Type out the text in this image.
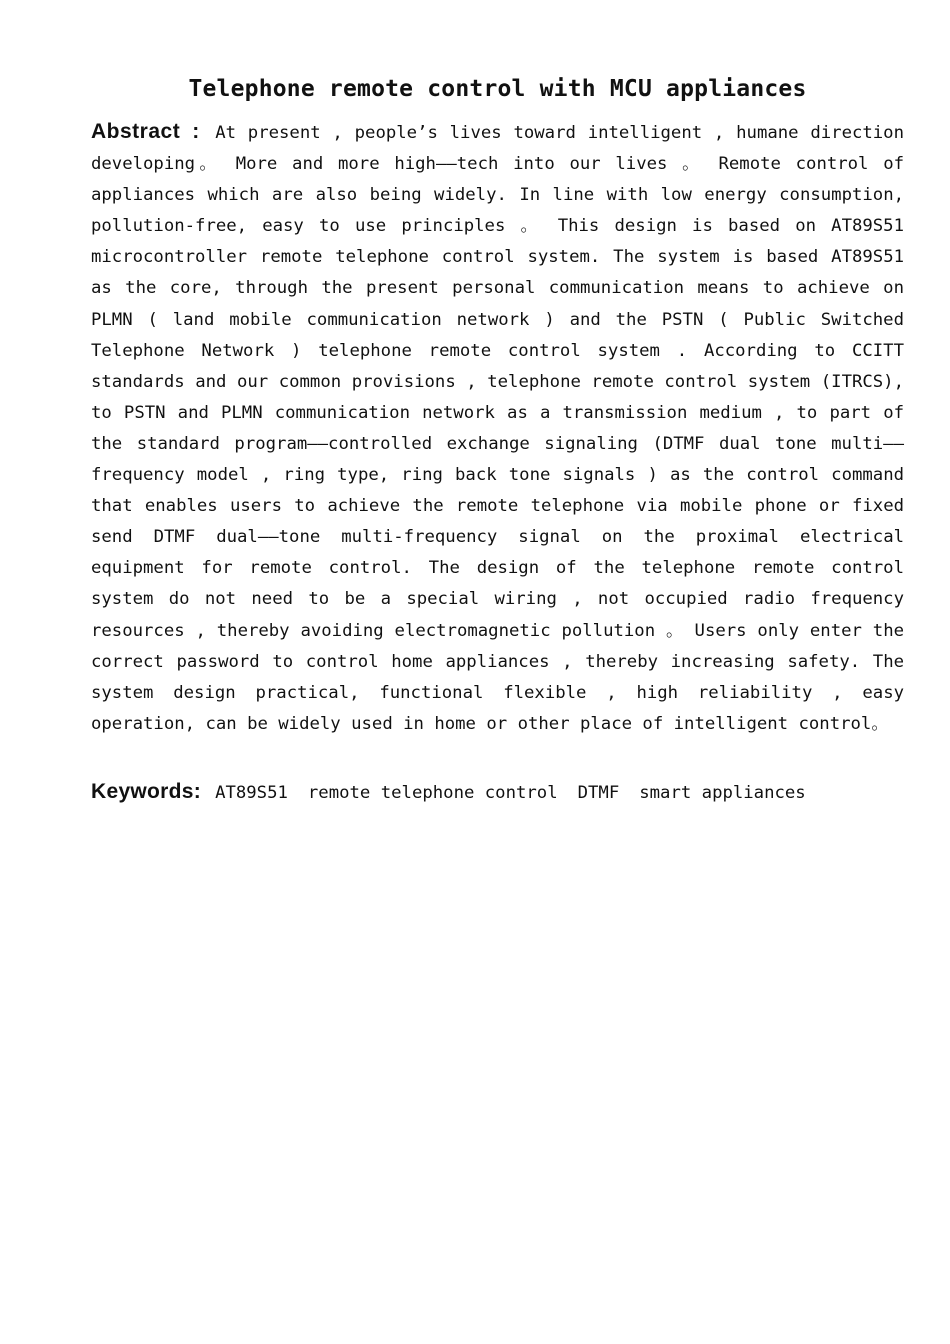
Telephone remote control with MCU appliances

Abstract : At present , people’s lives toward intelligent , humane direction developing。 More and more high——tech into our lives 。 Remote control of appliances which are also being widely. In line with low energy consumption, pollution-free, easy to use principles 。 This design is based on AT89S51 microcontroller remote telephone control system. The system is based AT89S51 as the core, through the present personal communication means to achieve on PLMN ( land mobile communication network ) and the PSTN ( Public Switched Telephone Network ) telephone remote control system . According to CCITT standards and our common provisions , telephone remote control system (ITRCS), to PSTN and PLMN communication network as a transmission medium , to part of the standard program——controlled exchange signaling (DTMF dual tone multi——frequency model , ring type, ring back tone signals ) as the control command that enables users to achieve the remote telephone via mobile phone or fixed send DTMF dual——tone multi-frequency signal on the proximal electrical equipment for remote control. The design of the telephone remote control system do not need to be a special wiring , not occupied radio frequency resources , thereby avoiding electromagnetic pollution 。 Users only enter the correct password to control home appliances , thereby increasing safety. The system design practical, functional flexible , high reliability , easy operation, can be widely used in home or other place of intelligent control。

Keywords: AT89S51 remote telephone control DTMF smart appliances
